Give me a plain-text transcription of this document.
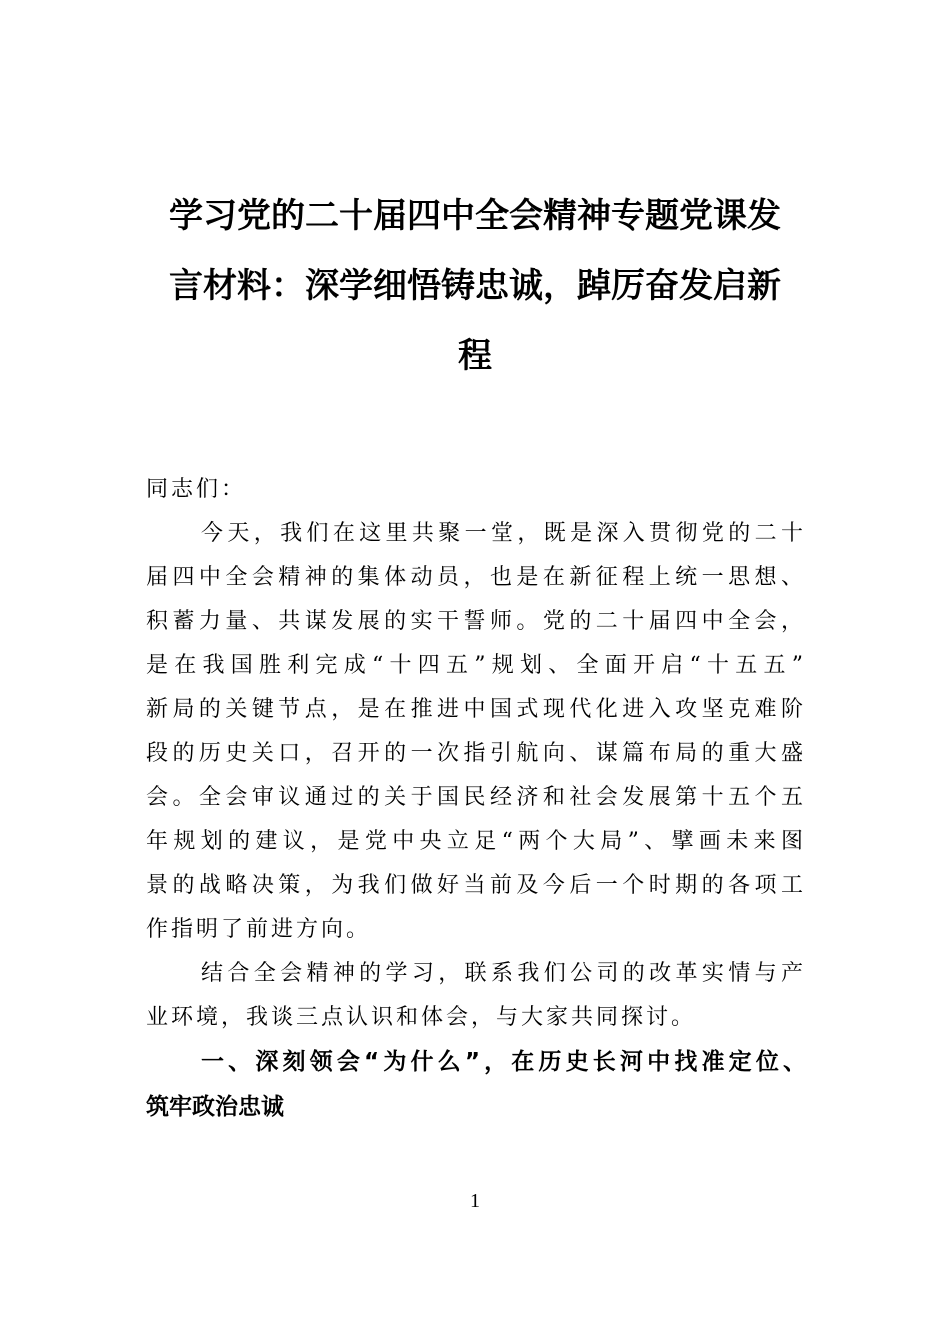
学习党的二十届四中全会精神专题党课发
言材料：深学细悟铸忠诚，踔厉奋发启新
程
同志们：
今天，我们在这里共聚一堂，既是深入贯彻党的二十
届四中全会精神的集体动员，也是在新征程上统一思想、
积蓄力量、共谋发展的实干誓师。党的二十届四中全会，
是在我国胜利完成“十四五”规划、全面开启“十五五”
新局的关键节点，是在推进中国式现代化进入攻坚克难阶
段的历史关口，召开的一次指引航向、谋篇布局的重大盛
会。全会审议通过的关于国民经济和社会发展第十五个五
年规划的建议，是党中央立足“两个大局”、擘画未来图
景的战略决策，为我们做好当前及今后一个时期的各项工
作指明了前进方向。
结合全会精神的学习，联系我们公司的改革实情与产
业环境，我谈三点认识和体会，与大家共同探讨。
一、深刻领会“为什么”，在历史长河中找准定位、
筑牢政治忠诚
1
